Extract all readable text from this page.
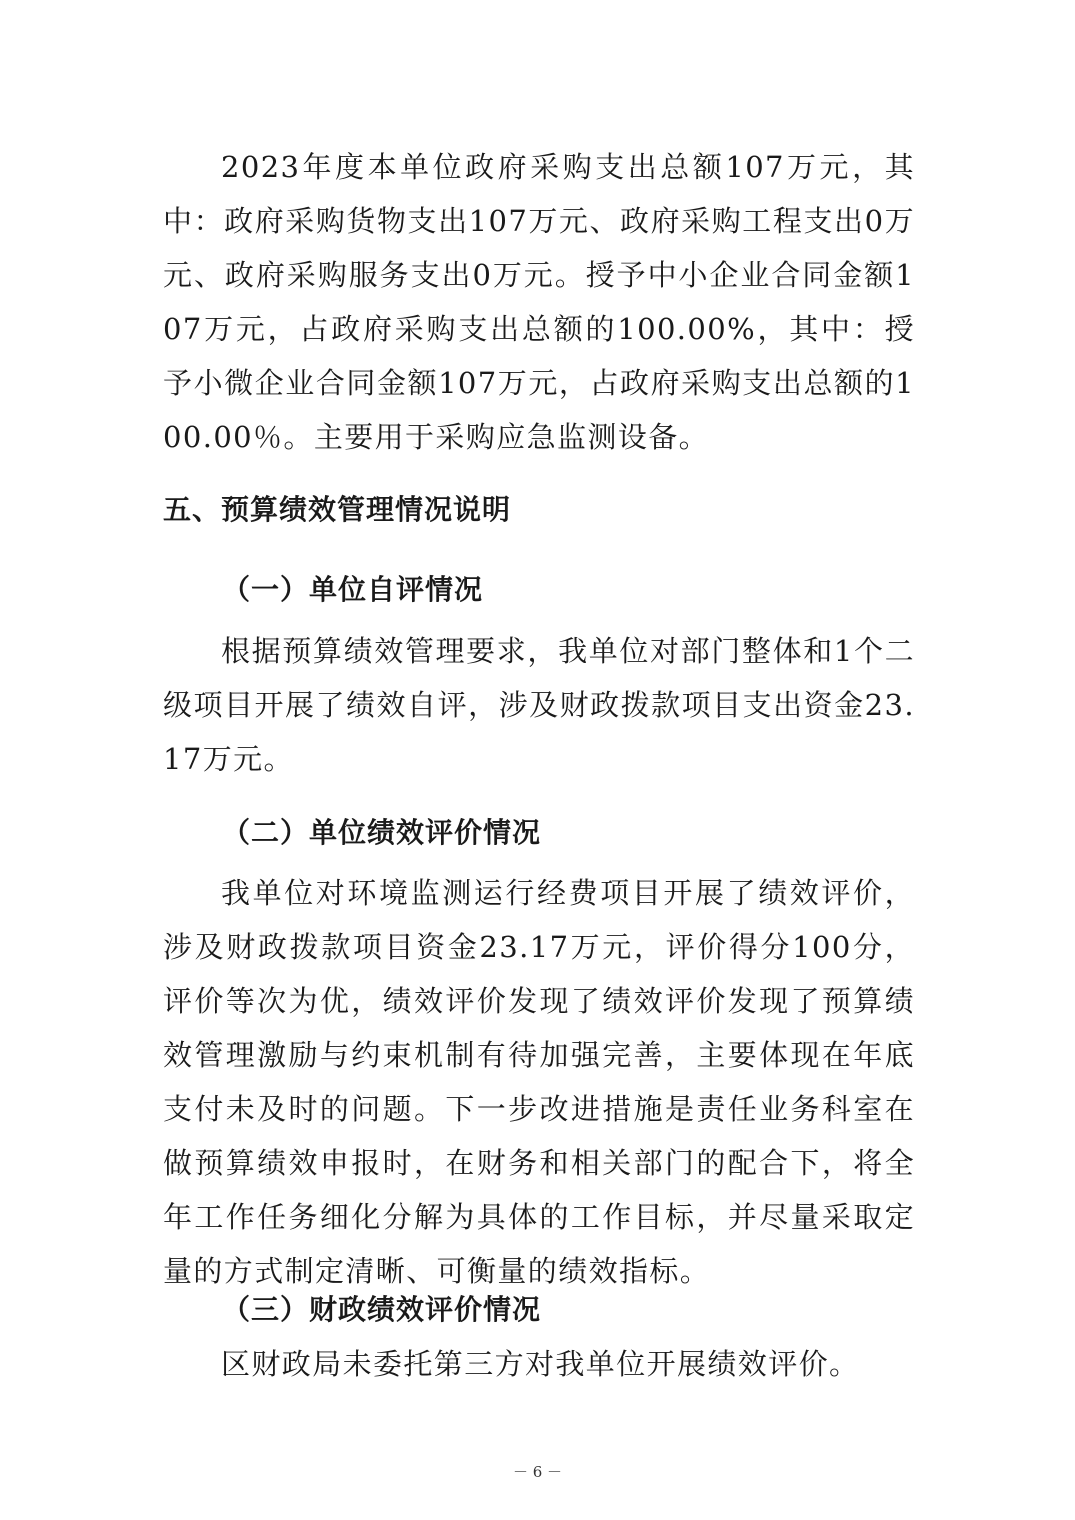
2023年度本单位政府采购支出总额107万元，其中：政府采购货物支出107万元、政府采购工程支出0万元、政府采购服务支出0万元。授予中小企业合同金额107万元，占政府采购支出总额的100.00%，其中：授予小微企业合同金额107万元，占政府采购支出总额的100.00％。主要用于采购应急监测设备。

五、预算绩效管理情况说明
（一）单位自评情况

根据预算绩效管理要求，我单位对部门整体和1个二级项目开展了绩效自评，涉及财政拨款项目支出资金23.17万元。

（二）单位绩效评价情况

我单位对环境监测运行经费项目开展了绩效评价，涉及财政拨款项目资金23.17万元，评价得分100分，评价等次为优，绩效评价发现了绩效评价发现了预算绩效管理激励与约束机制有待加强完善，主要体现在年底支付未及时的问题。下一步改进措施是责任业务科室在做预算绩效申报时，在财务和相关部门的配合下，将全年工作任务细化分解为具体的工作目标，并尽量采取定量的方式制定清晰、可衡量的绩效指标。

（三）财政绩效评价情况

区财政局未委托第三方对我单位开展绩效评价。

－ 6 －
